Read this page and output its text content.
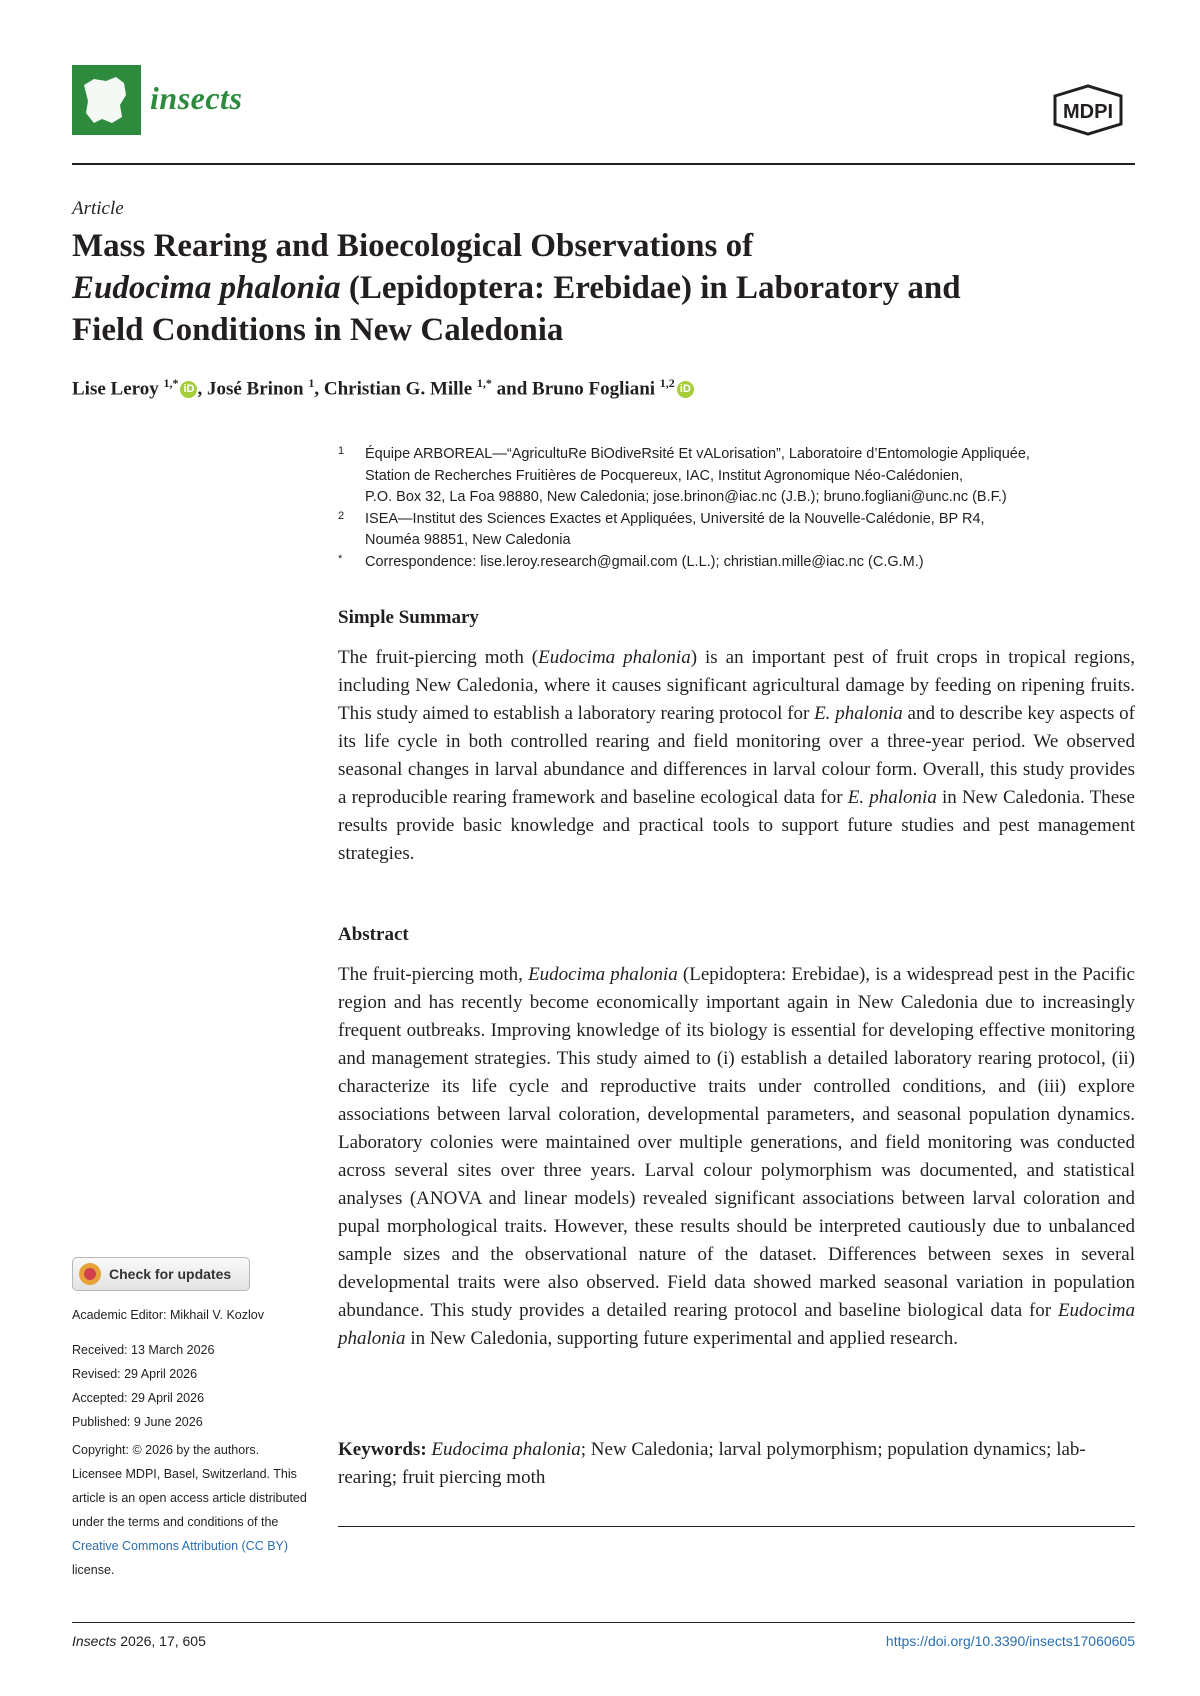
insects	MDPI
Article
Mass Rearing and Bioecological Observations of
Eudocima phalonia (Lepidoptera: Erebidae) in Laboratory and
Field Conditions in New Caledonia
Lise Leroy $^{1,*}$ iD , José Brinon $^1$, Christian G. Mille $^{1,*}$ and Bruno Fogliani $^{1,2}$ iD
1	Équipe ARBOREAL—“AgricultuRe BiOdiveRsité Et vALorisation”, Laboratoire d’Entomologie Appliquée,
Station de Recherches Fruitières de Pocquereux, IAC, Institut Agronomique Néo-Calédonien,
P.O. Box 32, La Foa 98880, New Caledonia; jose.brinon@iac.nc (J.B.); bruno.fogliani@unc.nc (B.F.)
2	ISEA—Institut des Sciences Exactes et Appliquées, Université de la Nouvelle-Calédonie, BP R4,
Nouméa 98851, New Caledonia
*	Correspondence: lise.leroy.research@gmail.com (L.L.); christian.mille@iac.nc (C.G.M.)
Simple Summary
The fruit-piercing moth (Eudocima phalonia) is an important pest of fruit crops in tropical regions, including New Caledonia, where it causes significant agricultural damage by feeding on ripening fruits. This study aimed to establish a laboratory rearing protocol for E. phalonia and to describe key aspects of its life cycle in both controlled rearing and field monitoring over a three-year period. We observed seasonal changes in larval abundance and differences in larval colour form. Overall, this study provides a reproducible rearing framework and baseline ecological data for E. phalonia in New Caledonia. These results provide basic knowledge and practical tools to support future studies and pest management strategies.
Abstract
The fruit-piercing moth, Eudocima phalonia (Lepidoptera: Erebidae), is a widespread pest in the Pacific region and has recently become economically important again in New Caledonia due to increasingly frequent outbreaks. Improving knowledge of its biology is essential for developing effective monitoring and management strategies. This study aimed to (i) establish a detailed laboratory rearing protocol, (ii) characterize its life cycle and reproductive traits under controlled conditions, and (iii) explore associations between larval coloration, developmental parameters, and seasonal population dynamics. Laboratory colonies were maintained over multiple generations, and field monitoring was conducted across several sites over three years. Larval colour polymorphism was documented, and statistical analyses (ANOVA and linear models) revealed significant associations between larval coloration and pupal morphological traits. However, these results should be interpreted cautiously due to unbalanced sample sizes and the observational nature of the dataset. Differences between sexes in several developmental traits were also observed. Field data showed marked seasonal variation in population abundance. This study provides a detailed rearing protocol and baseline biological data for Eudocima phalonia in New Caledonia, supporting future experimental and applied research.
Keywords: Eudocima phalonia; New Caledonia; larval polymorphism; population dynamics; lab-rearing; fruit piercing moth
Check for updates
Academic Editor: Mikhail V. Kozlov
Received: 13 March 2026
Revised: 29 April 2026
Accepted: 29 April 2026
Published: 9 June 2026
Copyright: © 2026 by the authors. Licensee MDPI, Basel, Switzerland. This article is an open access article distributed under the terms and conditions of the Creative Commons Attribution (CC BY) license.
Insects 2026, 17, 605	https://doi.org/10.3390/insects17060605
